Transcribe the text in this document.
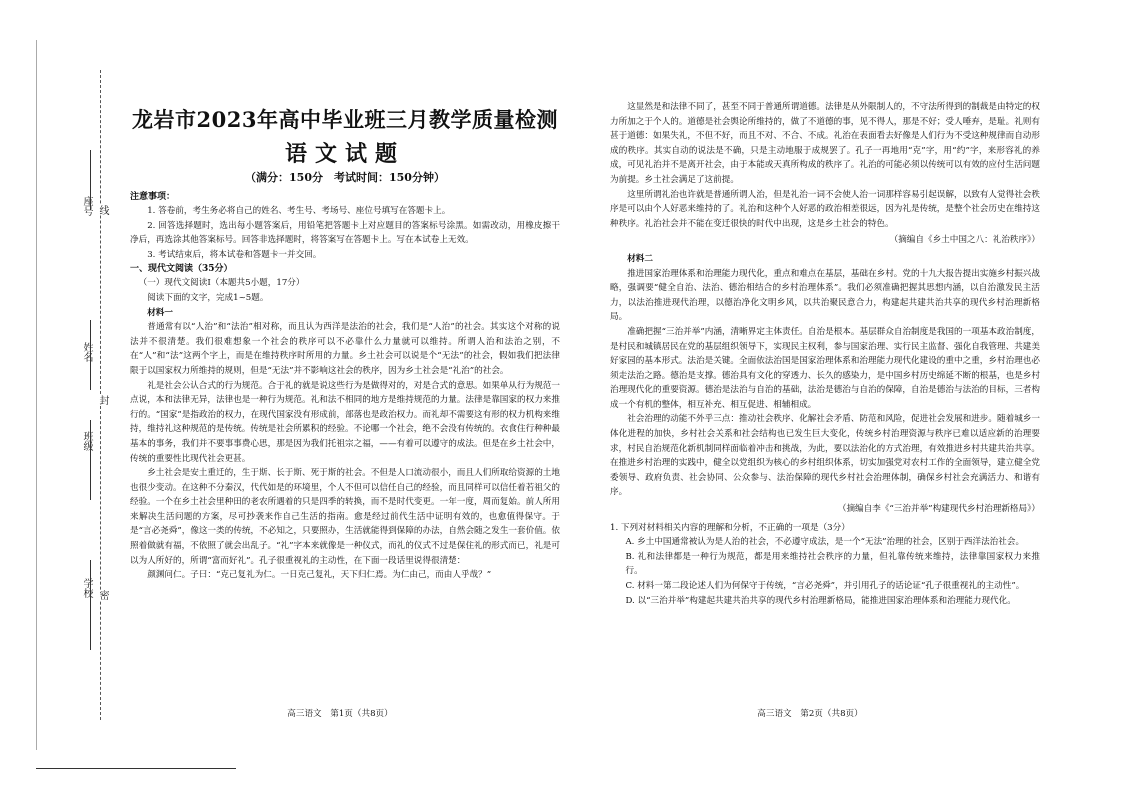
座号
姓名
班级
学校
线
封
密
龙岩市2023年高中毕业班三月教学质量检测
语文试题
（满分：150分　考试时间：150分钟）
注意事项：

1. 答卷前，考生务必将自己的姓名、考生号、考场号、座位号填写在答题卡上。

2. 回答选择题时，选出每小题答案后，用铅笔把答题卡上对应题目的答案标号涂黑。如需改动，用橡皮擦干净后，再选涂其他答案标号。回答非选择题时，将答案写在答题卡上。写在本试卷上无效。

3. 考试结束后，将本试卷和答题卡一并交回。

一、现代文阅读（35分）

（一）现代文阅读Ⅰ（本题共5小题，17分）

阅读下面的文字，完成1~5题。

材料一

普通常有以“人治”和“法治”相对称，而且认为西洋是法治的社会，我们是“人治”的社会。其实这个对称的说法并不很清楚。我们很难想象一个社会的秩序可以不必靠什么力量就可以维持。所谓人治和法治之别，不在“人”和“法”这两个字上，而是在维持秩序时所用的力量。乡土社会可以说是个“无法”的社会，假如我们把法律限于以国家权力所维持的规则，但是“无法”并不影响这社会的秩序，因为乡土社会是“礼治”的社会。

礼是社会公认合式的行为规范。合于礼的就是说这些行为是做得对的，对是合式的意思。如果单从行为规范一点说，本和法律无异，法律也是一种行为规范。礼和法不相同的地方是维持规范的力量。法律是靠国家的权力来推行的。“国家”是指政治的权力，在现代国家没有形成前，部落也是政治权力。而礼却不需要这有形的权力机构来维持，维持礼这种规范的是传统。传统是社会所累积的经验。不论哪一个社会，绝不会没有传统的。衣食住行种种最基本的事务，我们并不要事事费心思，那是因为我们托祖宗之福，——有着可以遵守的成法。但是在乡土社会中，传统的重要性比现代社会更甚。

乡土社会是安土重迁的，生于斯、长于斯、死于斯的社会。不但是人口流动很小，而且人们所取给资源的土地也很少变动。在这种不分秦汉，代代如是的环境里，个人不但可以信任自己的经验，而且同样可以信任着若祖父的经验。一个在乡土社会里种田的老农所遇着的只是四季的转换，而不是时代变更。一年一度，周而复始。前人所用来解决生活问题的方案，尽可抄袭来作自己生活的指南。愈是经过前代生活中证明有效的，也愈值得保守。于是“言必尧舜”，像这一类的传统，不必知之，只要照办，生活就能得到保障的办法，自然会随之发生一套价值。依照着做就有福，不依照了就会出乱子。“礼”字本来就像是一种仪式，而礼的仪式不过是保住礼的形式而已，礼是可以为人所好的，所谓“富而好礼”。孔子很重视礼的主动性，在下面一段话里说得很清楚：

颜渊问仁。子曰：“克己复礼为仁。一日克己复礼，天下归仁焉。为仁由己，而由人乎哉？”

这显然是和法律不同了，甚至不同于普通所谓道德。法律是从外限制人的，不守法所得到的制裁是由特定的权力所加之于个人的。道德是社会舆论所维持的，做了不道德的事，见不得人，那是不好；受人唾弃，是耻。礼则有甚于道德：如果失礼，不但不好，而且不对、不合、不成。礼治在表面看去好像是人们行为不受这种规律而自动形成的秩序。其实自动的说法是不确，只是主动地服于成规罢了。孔子一再地用“克”字，用“约”字，来形容礼的养成，可见礼治并不是离开社会，由于本能或天真所构成的秩序了。礼治的可能必须以传统可以有效的应付生活问题为前提。乡土社会满足了这前提。

这里所谓礼治也许就是普通所谓人治，但是礼治一词不会使人治一词那样容易引起误解，以致有人觉得社会秩序是可以由个人好恶来维持的了。礼治和这种个人好恶的政治相差很远，因为礼是传统，是整个社会历史在维持这种秩序。礼治社会并不能在变迁很快的时代中出现，这是乡土社会的特色。

（摘编自《乡土中国之八：礼治秩序》）

材料二

推进国家治理体系和治理能力现代化，重点和难点在基层，基础在乡村。党的十九大报告提出实施乡村振兴战略，强调要“健全自治、法治、德治相结合的乡村治理体系”。我们必须准确把握其思想内涵，以自治激发民主活力，以法治推进现代治理，以德治净化文明乡风，以共治聚民意合力，构建起共建共治共享的现代乡村治理新格局。

准确把握“三治并举”内涵，清晰界定主体责任。自治是根本。基层群众自治制度是我国的一项基本政治制度，是村民和城镇居民在党的基层组织领导下，实现民主权利，参与国家治理、实行民主监督、强化自我管理、共建美好家园的基本形式。法治是关键。全面依法治国是国家治理体系和治理能力现代化建设的重中之重，乡村治理也必须走法治之路。德治是支撑。德治具有文化的穿透力、长久的感染力，是中国乡村历史绵延不断的根基，也是乡村治理现代化的重要资源。德治是法治与自治的基础，法治是德治与自治的保障，自治是德治与法治的目标，三者构成一个有机的整体，相互补充、相互促进、相辅相成。

社会治理的动能不外乎三点：推动社会秩序、化解社会矛盾、防范和风险，促进社会发展和进步。随着城乡一体化进程的加快，乡村社会关系和社会结构也已发生巨大变化，传统乡村治理资源与秩序已难以适应新的治理要求，村民自治规范化新机制同样面临着冲击和挑战，为此，要以法治化的方式治理，有效推进乡村共建共治共享。在推进乡村治理的实践中，健全以党组织为核心的乡村组织体系，切实加强党对农村工作的全面领导，建立健全党委领导、政府负责、社会协同、公众参与、法治保障的现代乡村社会治理体制，确保乡村社会充满活力、和谐有序。

（摘编自李《“三治并举”构建现代乡村治理新格局》）

1. 下列对材料相关内容的理解和分析，不正确的一项是（3分）

A. 乡土中国通常被认为是人治的社会，不必遵守成法，是一个“无法”治理的社会，区别于西洋法治社会。

B. 礼和法律都是一种行为规范，都是用来维持社会秩序的力量，但礼靠传统来维持，法律靠国家权力来推行。

C. 材料一第二段论述人们为何保守于传统，“言必尧舜”，并引用孔子的话论证“孔子很重视礼的主动性”。

D. 以“三治并举”构建起共建共治共享的现代乡村治理新格局，能推进国家治理体系和治理能力现代化。

高三语文　第1页（共8页）	高三语文　第2页（共8页）
